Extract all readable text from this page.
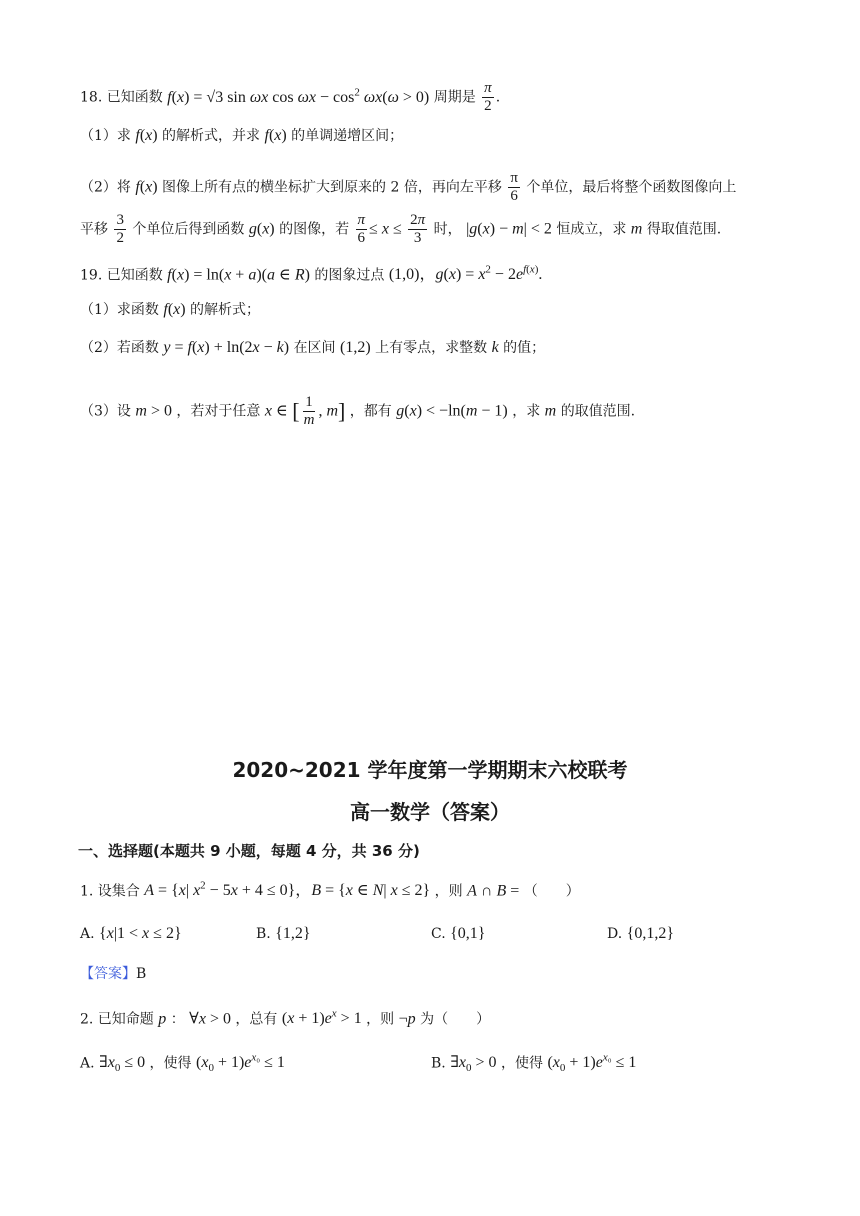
18. 已知函数 f(x) = √3 sin ωx $\cos \omega x - \cos^2 \omega x(\omega > 0)$ 周期是 $\frac{\pi}{2}$ .
（1）求 f(x) 的解析式，并求 f(x) 的单调递增区间；
（2）将 f(x) 图像上所有点的横坐标扩大到原来的 2 倍，再向左平移 $\frac{\pi}{6}$ 个单位，最后将整个函数图像向上
平移 $\frac{3}{2}$ 个单位后得到函数 g(x) 的图像，若 $\frac{\pi}{6} \le x \le \frac{2\pi}{3}$ 时， |g(x) − m| < 2 恒成立，求 m 得取值范围.
19. 已知函数 f(x) = ln(x + a)(a ∈ R) 的图象过点 (1,0)，$g(x) = x^2 - 2e^{f(x)}$.
（1）求函数 f(x) 的解析式；
（2）若函数 y = f(x) + ln(2x − k) 在区间 (1,2) 上有零点，求整数 k 的值；
（3）设 m > 0 ，若对于任意 x ∈ [ $\frac{1}{m}$ , m] ，都有 g(x) < −ln(m − 1) ，求 m 的取值范围.
2020~2021 学年度第一学期期末六校联考
高一数学（答案）
一、选择题(本题共 9 小题，每题 4 分，共 36 分)
1. 设集合 A = {x| $x^2 - 5x + 4 \le 0$}，B = {x ∈ N| x ≤ 2} ，则 A ∩ B = （　　）
A. {x|1 < x ≤ 2}	B. {1,2}	C. {0,1}	D. {0,1,2}
【答案】B
2. 已知命题 p ： ∀x > 0 ，总有 $(x + 1)e^x > 1$ ，则 ¬p 为（　　）
A. $\exists x_0 \le 0$ ，使得 $(x_0 + 1)e^{x_0} \le 1$	B. $\exists x_0 > 0$ ，使得 $(x_0 + 1)e^{x_0} \le 1$
